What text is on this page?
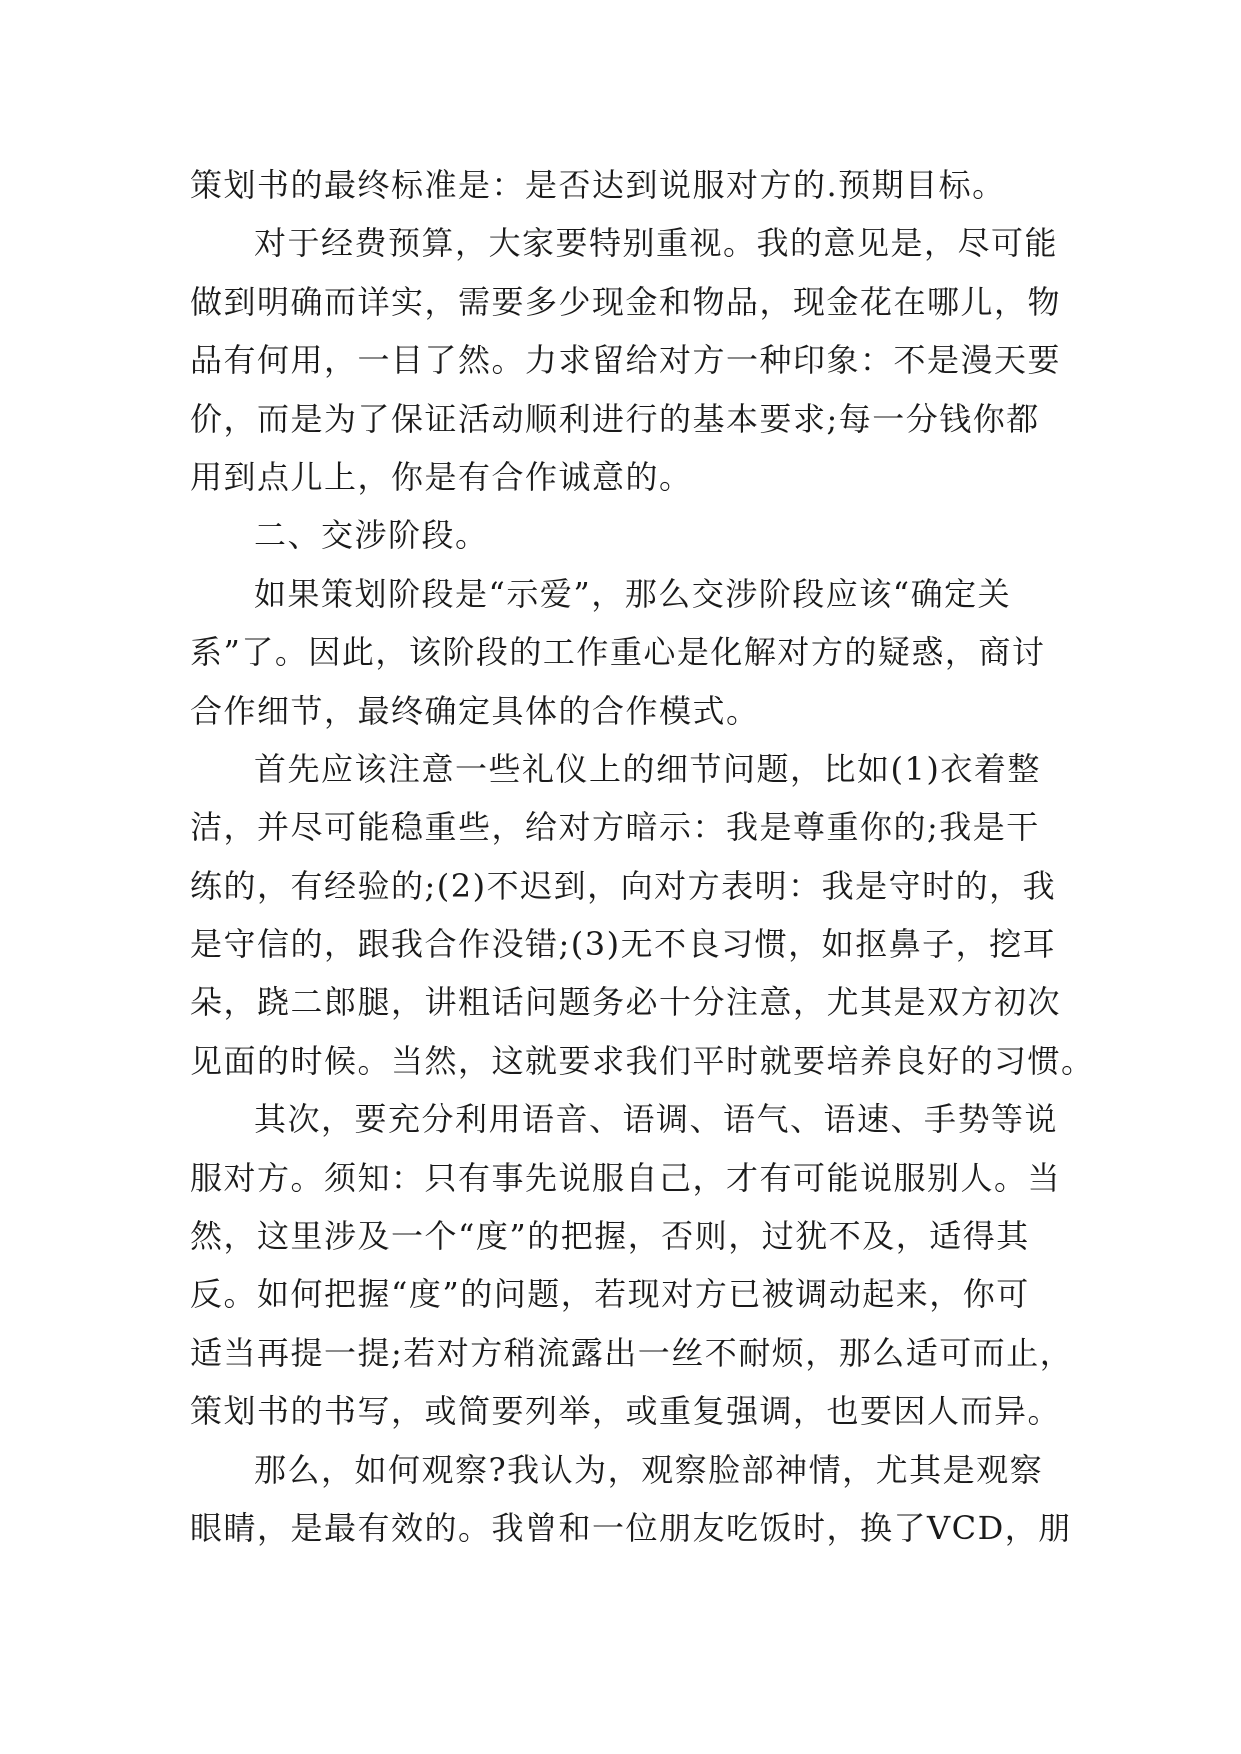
策划书的最终标准是：是否达到说服对方的.预期目标。
对于经费预算，大家要特别重视。我的意见是，尽可能
做到明确而详实，需要多少现金和物品，现金花在哪儿，物
品有何用，一目了然。力求留给对方一种印象：不是漫天要
价，而是为了保证活动顺利进行的基本要求;每一分钱你都
用到点儿上，你是有合作诚意的。
二、交涉阶段。
如果策划阶段是“示爱”，那么交涉阶段应该“确定关
系”了。因此，该阶段的工作重心是化解对方的疑惑，商讨
合作细节，最终确定具体的合作模式。
首先应该注意一些礼仪上的细节问题，比如(1)衣着整
洁，并尽可能稳重些，给对方暗示：我是尊重你的;我是干
练的，有经验的;(2)不迟到，向对方表明：我是守时的，我
是守信的，跟我合作没错;(3)无不良习惯，如抠鼻子，挖耳
朵，跷二郎腿，讲粗话问题务必十分注意，尤其是双方初次
见面的时候。当然，这就要求我们平时就要培养良好的习惯。
其次，要充分利用语音、语调、语气、语速、手势等说
服对方。须知：只有事先说服自己，才有可能说服别人。当
然，这里涉及一个“度”的把握，否则，过犹不及，适得其
反。如何把握“度”的问题，若现对方已被调动起来，你可
适当再提一提;若对方稍流露出一丝不耐烦，那么适可而止，
策划书的书写，或简要列举，或重复强调，也要因人而异。
那么，如何观察?我认为，观察脸部神情，尤其是观察
眼睛，是最有效的。我曾和一位朋友吃饭时，换了VCD，朋
